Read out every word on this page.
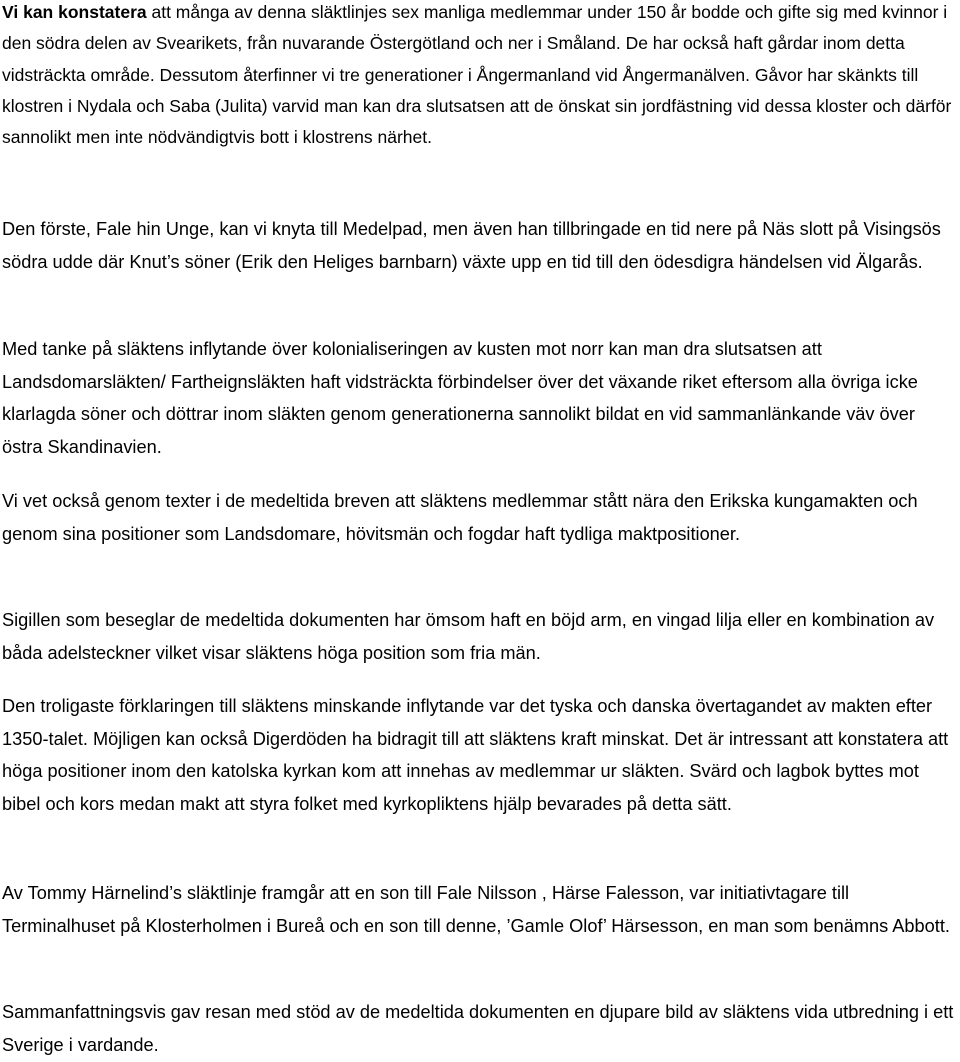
Vi kan konstatera att många av denna släktlinjes sex manliga medlemmar under 150 år bodde och gifte sig med kvinnor i den södra delen av Svearikets, från nuvarande Östergötland och ner i Småland. De har också haft gårdar inom detta vidsträckta område. Dessutom återfinner vi tre generationer i Ångermanland vid Ångermanälven. Gåvor har skänkts till klostren i Nydala och Saba (Julita) varvid man kan dra slutsatsen att de önskat sin jordfästning vid dessa kloster och därför sannolikt men inte nödvändigtvis bott i klostrens närhet.

Den förste, Fale hin Unge, kan vi knyta till Medelpad, men även han tillbringade en tid nere på Näs slott på Visingsös södra udde där Knut’s söner (Erik den Heliges barnbarn) växte upp en tid till den ödesdigra händelsen vid Älgarås.

Med tanke på släktens inflytande över kolonialiseringen av kusten mot norr kan man dra slutsatsen att Landsdomarsläkten/ Fartheignsläkten haft vidsträckta förbindelser över det växande riket eftersom alla övriga icke klarlagda söner och döttrar inom släkten genom generationerna sannolikt bildat en vid sammanlänkande väv över östra Skandinavien.

Vi vet också genom texter i de medeltida breven att släktens medlemmar stått nära den Erikska kungamakten och genom sina positioner som Landsdomare, hövitsmän och fogdar haft tydliga maktpositioner.

Sigillen som beseglar de medeltida dokumenten har ömsom haft en böjd arm, en vingad lilja eller en kombination av båda adelsteckner vilket visar släktens höga position som fria män.

Den troligaste förklaringen till släktens minskande inflytande var det tyska och danska övertagandet av makten efter 1350-talet. Möjligen kan också Digerdöden ha bidragit till att släktens kraft minskat. Det är intressant att konstatera att höga positioner inom den katolska kyrkan kom att innehas av medlemmar ur släkten. Svärd och lagbok byttes mot bibel och kors medan makt att styra folket med kyrkopliktens hjälp bevarades på detta sätt.

Av Tommy Härnelind’s släktlinje framgår att en son till Fale Nilsson , Härse Falesson, var initiativtagare till Terminalhuset på Klosterholmen i Bureå och en son till denne, ’Gamle Olof’ Härsesson, en man som benämns Abbott.

Sammanfattningsvis gav resan med stöd av de medeltida dokumenten en djupare bild av släktens vida utbredning i ett Sverige i vardande.
